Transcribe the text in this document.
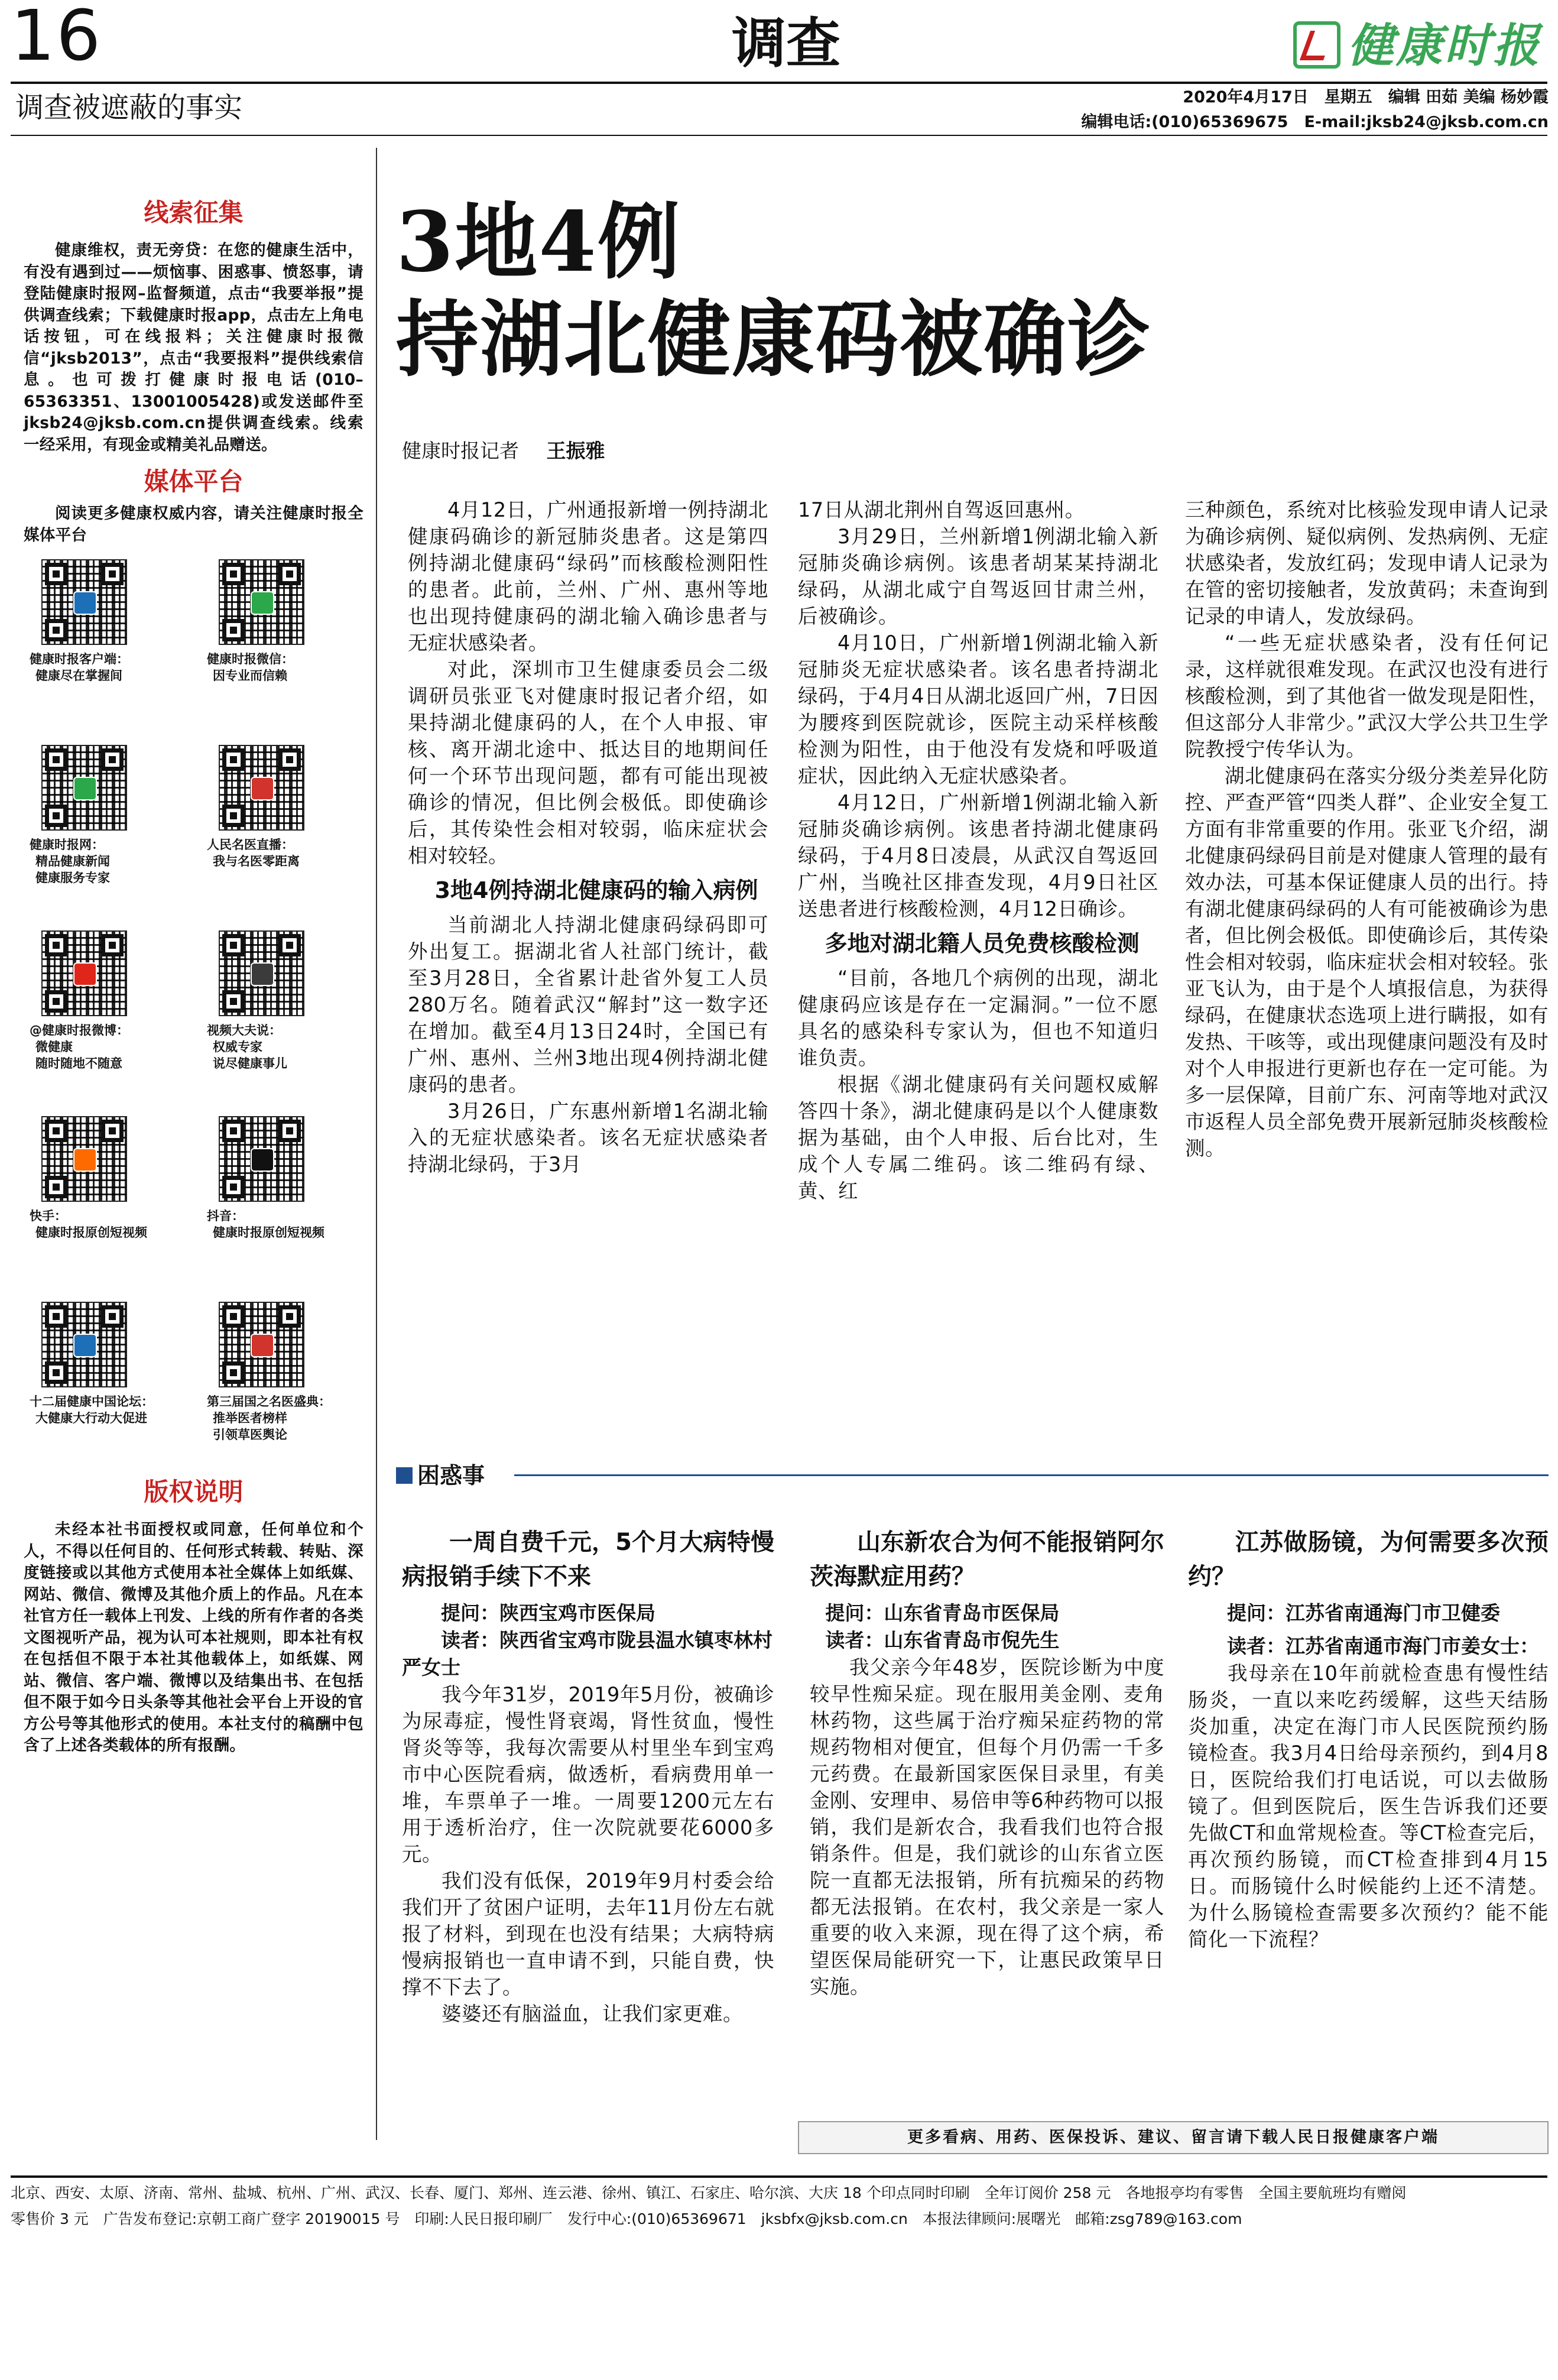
16	调查	健康时报
调查被遮蔽的事实	2020年4月17日　星期五　编辑 田茹 美编 杨妙霞
编辑电话:(010)65369675　E-mail:jksb24@jksb.com.cn
线索征集
健康维权，责无旁贷：在您的健康生活中，有没有遇到过——烦恼事、困惑事、愤怒事，请登陆健康时报网–监督频道，点击“我要举报”提供调查线索；下载健康时报app，点击左上角电话按钮，可在线报料；关注健康时报微信“jksb2013”，点击“我要报料”提供线索信息。也可拨打健康时报电话(010–65363351、13001005428)或发送邮件至jksb24@jksb.com.cn提供调查线索。线索一经采用，有现金或精美礼品赠送。
媒体平台
阅读更多健康权威内容，请关注健康时报全媒体平台
健康时报客户端：
健康尽在掌握间
健康时报微信：
因专业而信赖
健康时报网：
精品健康新闻
健康服务专家
人民名医直播：
我与名医零距离
@健康时报微博：
微健康
随时随地不随意
视频大夫说：
权威专家
说尽健康事儿
快手：
健康时报原创短视频
抖音：
健康时报原创短视频
十二届健康中国论坛：
大健康大行动大促进
第三届国之名医盛典：
推举医者榜样
引领草医舆论
版权说明
未经本社书面授权或同意，任何单位和个人，不得以任何目的、任何形式转载、转贴、深度链接或以其他方式使用本社全媒体上如纸媒、网站、微信、微博及其他介质上的作品。凡在本社官方任一载体上刊发、上线的所有作者的各类文图视听产品，视为认可本社规则，即本社有权在包括但不限于本社其他载体上，如纸媒、网站、微信、客户端、微博以及结集出书、在包括但不限于如今日头条等其他社会平台上开设的官方公号等其他形式的使用。本社支付的稿酬中包含了上述各类载体的所有报酬。
3地4例
持湖北健康码被确诊
健康时报记者 王振雅

4月12日，广州通报新增一例持湖北健康码确诊的新冠肺炎患者。这是第四例持湖北健康码“绿码”而核酸检测阳性的患者。此前，兰州、广州、惠州等地也出现持健康码的湖北输入确诊患者与无症状感染者。

对此，深圳市卫生健康委员会二级调研员张亚飞对健康时报记者介绍，如果持湖北健康码的人，在个人申报、审核、离开湖北途中、抵达目的地期间任何一个环节出现问题，都有可能出现被确诊的情况，但比例会极低。即使确诊后，其传染性会相对较弱，临床症状会相对较轻。

3地4例持湖北健康码的输入病例

当前湖北人持湖北健康码绿码即可外出复工。据湖北省人社部门统计，截至3月28日，全省累计赴省外复工人员280万名。随着武汉“解封”这一数字还在增加。截至4月13日24时，全国已有广州、惠州、兰州3地出现4例持湖北健康码的患者。

3月26日，广东惠州新增1名湖北输入的无症状感染者。该名无症状感染者持湖北绿码，于3月

17日从湖北荆州自驾返回惠州。

3月29日，兰州新增1例湖北输入新冠肺炎确诊病例。该患者胡某某持湖北绿码，从湖北咸宁自驾返回甘肃兰州，后被确诊。

4月10日，广州新增1例湖北输入新冠肺炎无症状感染者。该名患者持湖北绿码，于4月4日从湖北返回广州，7日因为腰疼到医院就诊，医院主动采样核酸检测为阳性，由于他没有发烧和呼吸道症状，因此纳入无症状感染者。

4月12日，广州新增1例湖北输入新冠肺炎确诊病例。该患者持湖北健康码绿码，于4月8日凌晨，从武汉自驾返回广州，当晚社区排查发现，4月9日社区送患者进行核酸检测，4月12日确诊。

多地对湖北籍人员免费核酸检测

“目前，各地几个病例的出现，湖北健康码应该是存在一定漏洞。”一位不愿具名的感染科专家认为，但也不知道归谁负责。

根据《湖北健康码有关问题权威解答四十条》，湖北健康码是以个人健康数据为基础，由个人申报、后台比对，生成个人专属二维码。该二维码有绿、黄、红

三种颜色，系统对比核验发现申请人记录为确诊病例、疑似病例、发热病例、无症状感染者，发放红码；发现申请人记录为在管的密切接触者，发放黄码；未查询到记录的申请人，发放绿码。

“一些无症状感染者，没有任何记录，这样就很难发现。在武汉也没有进行核酸检测，到了其他省一做发现是阳性，但这部分人非常少。”武汉大学公共卫生学院教授宁传华认为。

湖北健康码在落实分级分类差异化防控、严查严管“四类人群”、企业安全复工方面有非常重要的作用。张亚飞介绍，湖北健康码绿码目前是对健康人管理的最有效办法，可基本保证健康人员的出行。持有湖北健康码绿码的人有可能被确诊为患者，但比例会极低。即使确诊后，其传染性会相对较弱，临床症状会相对较轻。张亚飞认为，由于是个人填报信息，为获得绿码，在健康状态选项上进行瞒报，如有发热、干咳等，或出现健康问题没有及时对个人申报进行更新也存在一定可能。为多一层保障，目前广东、河南等地对武汉市返程人员全部免费开展新冠肺炎核酸检测。

困惑事
一周自费千元，5个月大病特慢病报销手续下不来
提问：陕西宝鸡市医保局
读者：陕西省宝鸡市陇县温水镇枣林村严女士

我今年31岁，2019年5月份，被确诊为尿毒症，慢性肾衰竭，肾性贫血，慢性肾炎等等，我每次需要从村里坐车到宝鸡市中心医院看病，做透析，看病费用单一堆，车票单子一堆。一周要1200元左右用于透析治疗，住一次院就要花6000多元。

我们没有低保，2019年9月村委会给我们开了贫困户证明，去年11月份左右就报了材料，到现在也没有结果；大病特病慢病报销也一直申请不到，只能自费，快撑不下去了。

婆婆还有脑溢血，让我们家更难。

山东新农合为何不能报销阿尔茨海默症用药？
提问：山东省青岛市医保局
读者：山东省青岛市倪先生

我父亲今年48岁，医院诊断为中度较早性痴呆症。现在服用美金刚、麦角林药物，这些属于治疗痴呆症药物的常规药物相对便宜，但每个月仍需一千多元药费。在最新国家医保目录里，有美金刚、安理申、易倍申等6种药物可以报销，我们是新农合，我看我们也符合报销条件。但是，我们就诊的山东省立医院一直都无法报销，所有抗痴呆的药物都无法报销。在农村，我父亲是一家人重要的收入来源，现在得了这个病，希望医保局能研究一下，让惠民政策早日实施。

江苏做肠镜，为何需要多次预约？
提问：江苏省南通海门市卫健委
读者：江苏省南通市海门市姜女士：

我母亲在10年前就检查患有慢性结肠炎，一直以来吃药缓解，这些天结肠炎加重，决定在海门市人民医院预约肠镜检查。我3月4日给母亲预约，到4月8日，医院给我们打电话说，可以去做肠镜了。但到医院后，医生告诉我们还要先做CT和血常规检查。等CT检查完后，再次预约肠镜，而CT检查排到4月15日。而肠镜什么时候能约上还不清楚。为什么肠镜检查需要多次预约？能不能简化一下流程？

更多看病、用药、医保投诉、建议、留言请下载人民日报健康客户端
北京、西安、太原、济南、常州、盐城、杭州、广州、武汉、长春、厦门、郑州、连云港、徐州、镇江、石家庄、哈尔滨、大庆 18 个印点同时印刷　全年订阅价 258 元　各地报亭均有零售　全国主要航班均有赠阅
零售价 3 元　广告发布登记:京朝工商广登字 20190015 号　印刷:人民日报印刷厂　发行中心:(010)65369671　jksbfx@jksb.com.cn　本报法律顾问:展曙光　邮箱:zsg789@163.com
